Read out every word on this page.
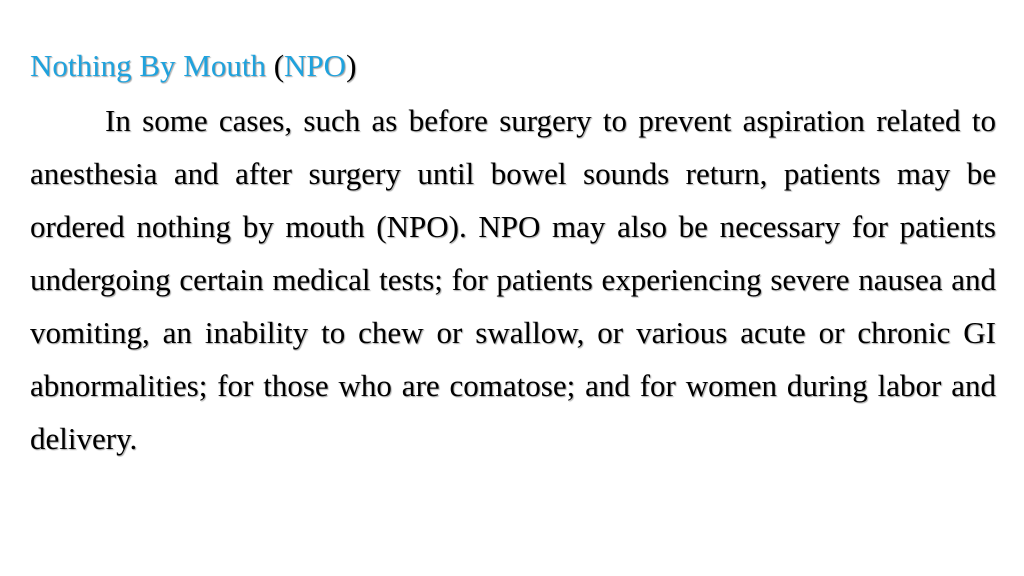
Nothing By Mouth (NPO)

In some cases, such as before surgery to prevent aspiration related to anesthesia and after surgery until bowel sounds return, patients may be ordered nothing by mouth (NPO). NPO may also be necessary for patients undergoing certain medical tests; for patients experiencing severe nausea and vomiting, an inability to chew or swallow, or various acute or chronic GI abnormalities; for those who are comatose; and for women during labor and delivery.
